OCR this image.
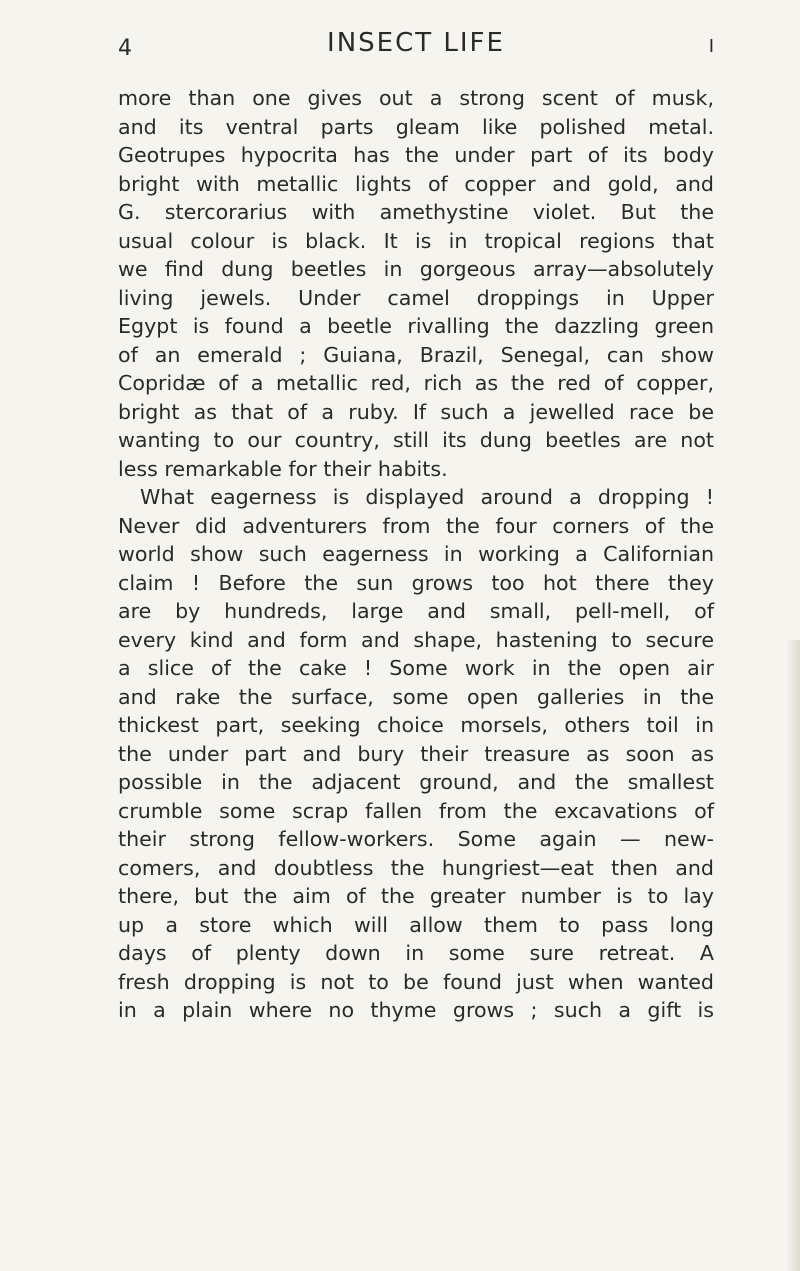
4	INSECT LIFE	I
more than one gives out a strong scent of musk,
and its ventral parts gleam like polished metal.
Geotrupes hypocrita has the under part of its body
bright with metallic lights of copper and gold, and
G. stercorarius with amethystine violet. But the
usual colour is black. It is in tropical regions that
we find dung beetles in gorgeous array—absolutely
living jewels. Under camel droppings in Upper
Egypt is found a beetle rivalling the dazzling green
of an emerald ; Guiana, Brazil, Senegal, can show
Copridæ of a metallic red, rich as the red of copper,
bright as that of a ruby. If such a jewelled race be
wanting to our country, still its dung beetles are not
less remarkable for their habits.
What eagerness is displayed around a dropping !
Never did adventurers from the four corners of the
world show such eagerness in working a Californian
claim ! Before the sun grows too hot there they
are by hundreds, large and small, pell-mell, of
every kind and form and shape, hastening to secure
a slice of the cake ! Some work in the open air
and rake the surface, some open galleries in the
thickest part, seeking choice morsels, others toil in
the under part and bury their treasure as soon as
possible in the adjacent ground, and the smallest
crumble some scrap fallen from the excavations of
their strong fellow-workers. Some again — new-
comers, and doubtless the hungriest—eat then and
there, but the aim of the greater number is to lay
up a store which will allow them to pass long
days of plenty down in some sure retreat. A
fresh dropping is not to be found just when wanted
in a plain where no thyme grows ; such a gift is
